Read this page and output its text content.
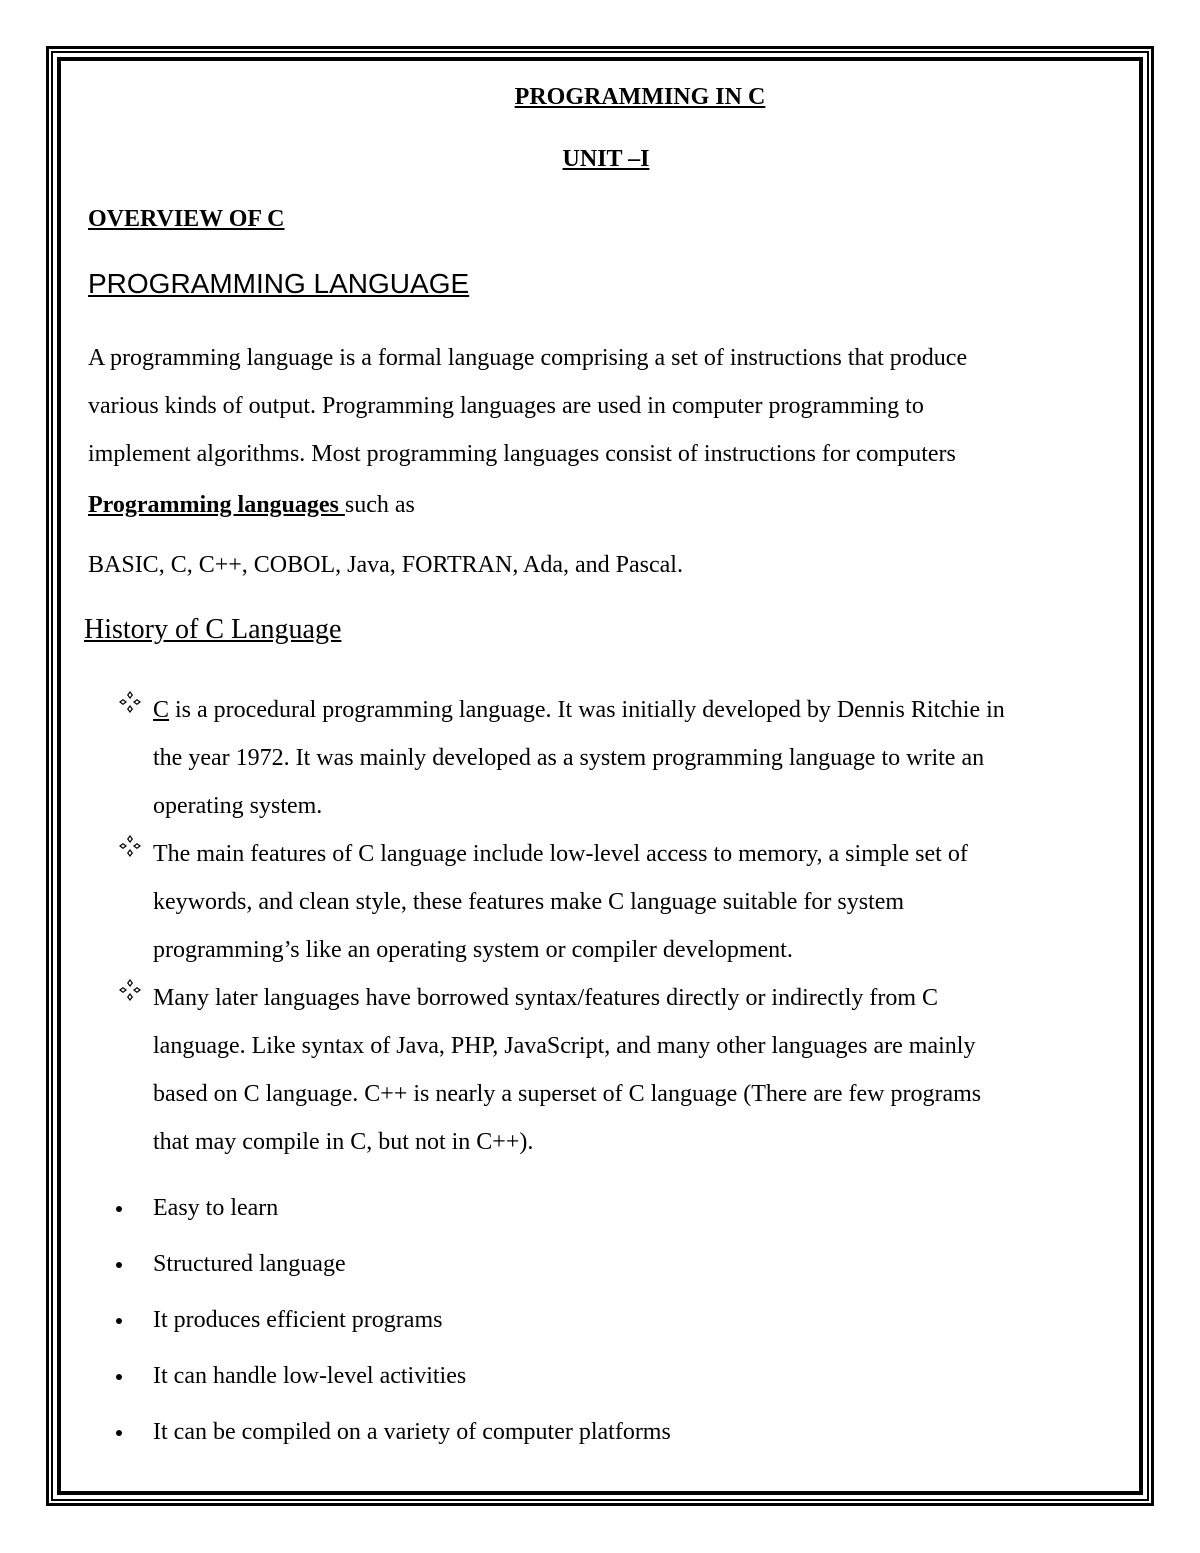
PROGRAMMING IN C
UNIT –I
OVERVIEW OF C
PROGRAMMING LANGUAGE
A programming language is a formal language comprising a set of instructions that produce
various kinds of output. Programming languages are used in computer programming to
implement algorithms. Most programming languages consist of instructions for computers
Programming languages such as
BASIC, C, C++, COBOL, Java, FORTRAN, Ada, and Pascal.
History of C Language
C is a procedural programming language. It was initially developed by Dennis Ritchie in
the year 1972. It was mainly developed as a system programming language to write an
operating system.
The main features of C language include low-level access to memory, a simple set of
keywords, and clean style, these features make C language suitable for system
programming’s like an operating system or compiler development.
Many later languages have borrowed syntax/features directly or indirectly from C
language. Like syntax of Java, PHP, JavaScript, and many other languages are mainly
based on C language. C++ is nearly a superset of C language (There are few programs
that may compile in C, but not in C++).
Easy to learn
Structured language
It produces efficient programs
It can handle low-level activities
It can be compiled on a variety of computer platforms
